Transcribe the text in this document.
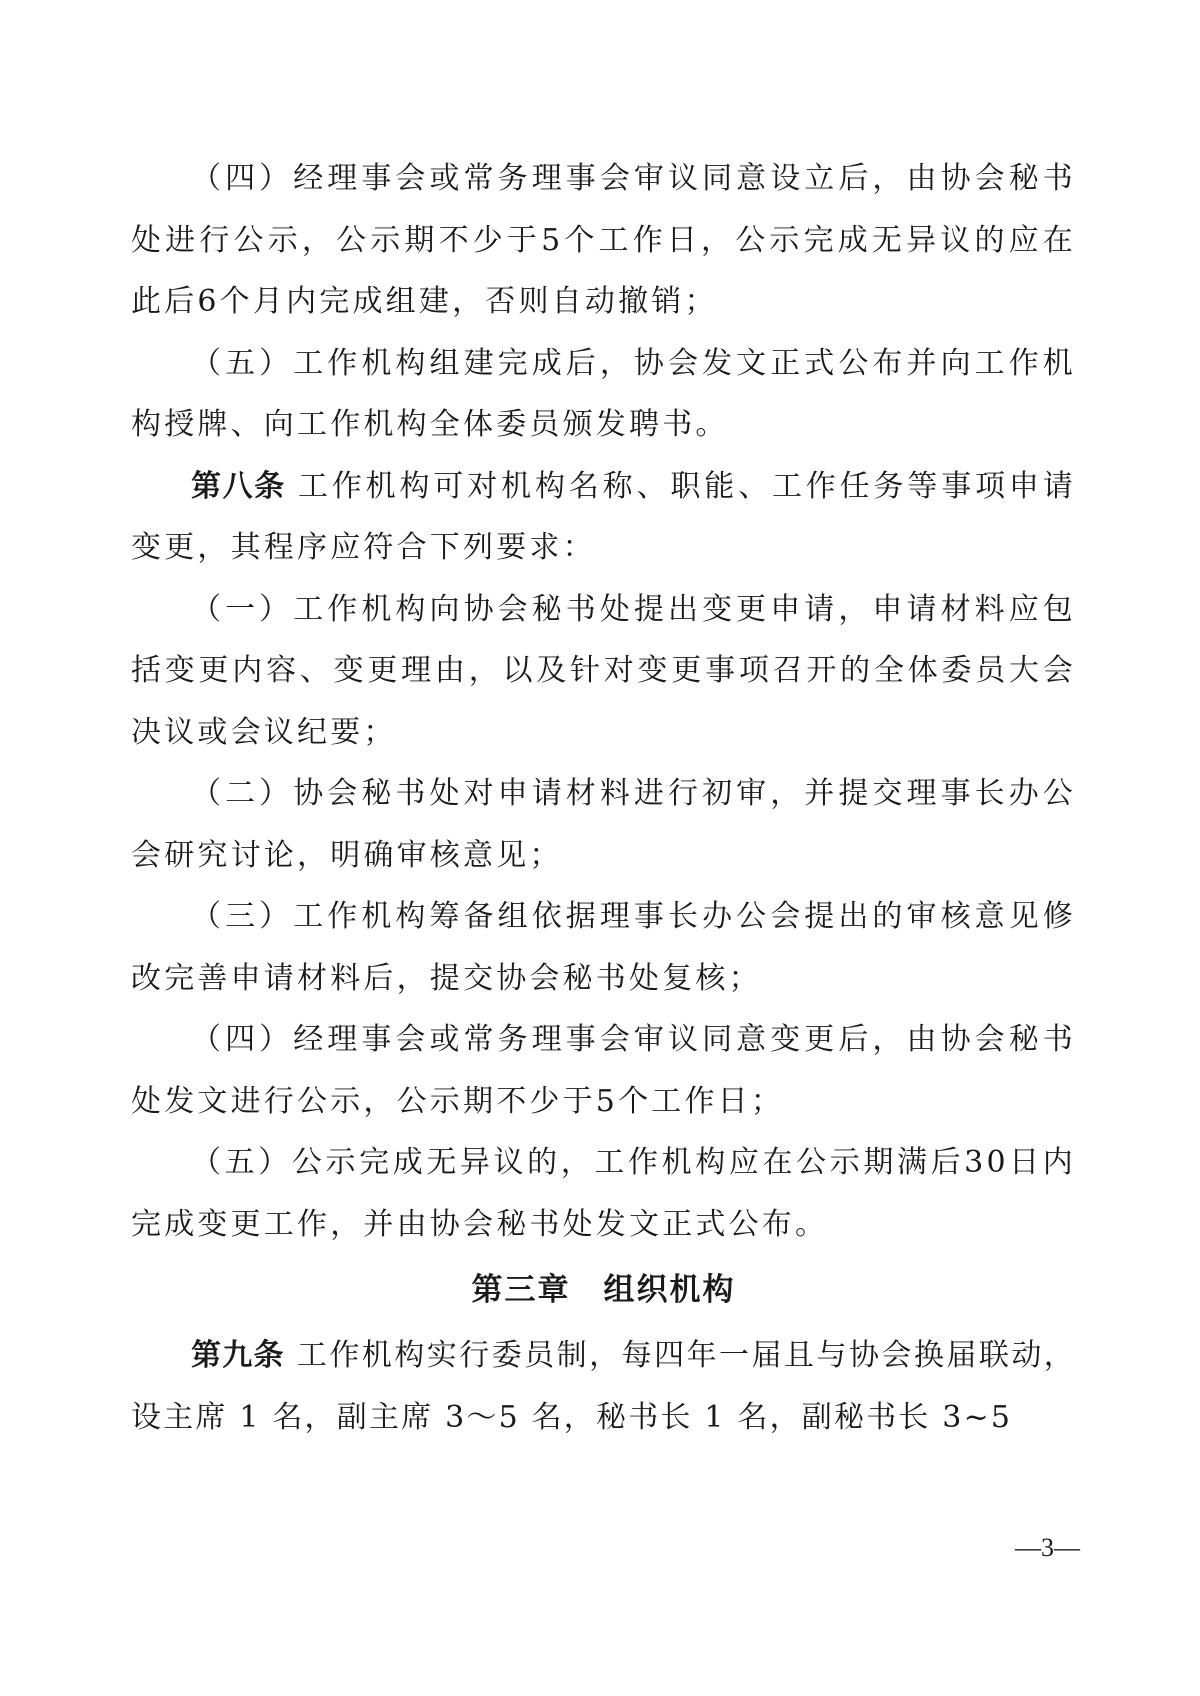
（四）经理事会或常务理事会审议同意设立后，由协会秘书处进行公示，公示期不少于5个工作日，公示完成无异议的应在此后6个月内完成组建，否则自动撤销；

（五）工作机构组建完成后，协会发文正式公布并向工作机构授牌、向工作机构全体委员颁发聘书。

第八条 工作机构可对机构名称、职能、工作任务等事项申请变更，其程序应符合下列要求：

（一）工作机构向协会秘书处提出变更申请，申请材料应包括变更内容、变更理由，以及针对变更事项召开的全体委员大会决议或会议纪要；

（二）协会秘书处对申请材料进行初审，并提交理事长办公会研究讨论，明确审核意见；

（三）工作机构筹备组依据理事长办公会提出的审核意见修改完善申请材料后，提交协会秘书处复核；

（四）经理事会或常务理事会审议同意变更后，由协会秘书处发文进行公示，公示期不少于5个工作日；

（五）公示完成无异议的，工作机构应在公示期满后30日内完成变更工作，并由协会秘书处发文正式公布。

第三章　组织机构

第九条 工作机构实行委员制，每四年一届且与协会换届联动，设主席 1 名，副主席 3～5 名，秘书长 1 名，副秘书长 3~5

—3—
